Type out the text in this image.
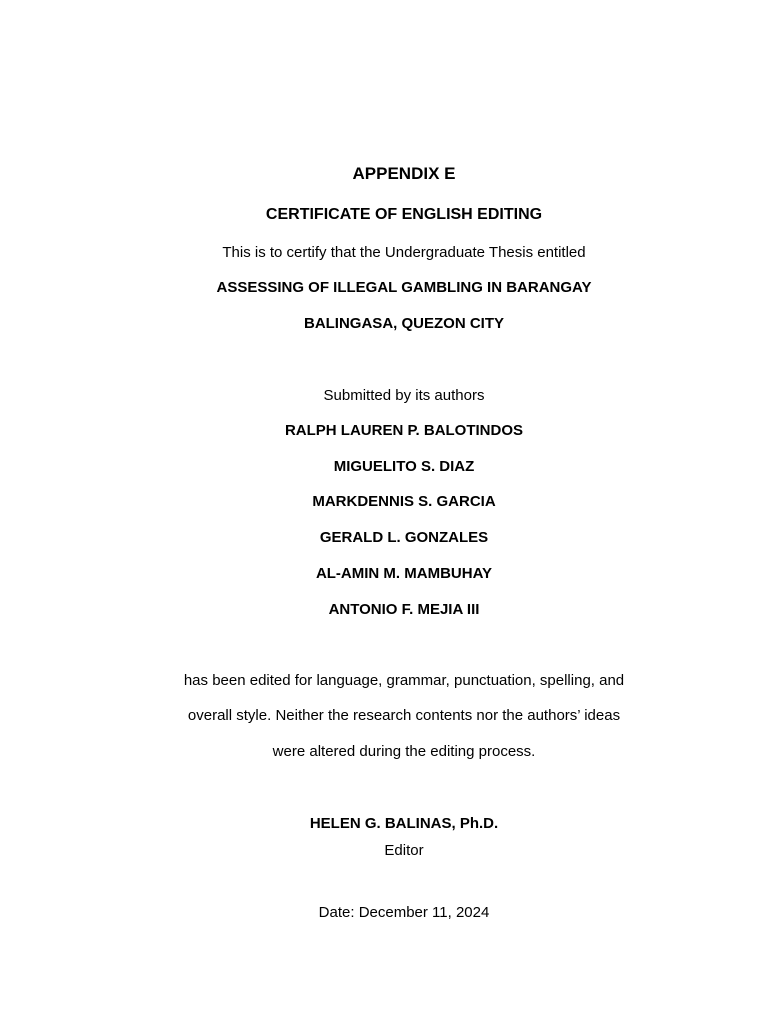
APPENDIX E
CERTIFICATE OF ENGLISH EDITING
This is to certify that the Undergraduate Thesis entitled
ASSESSING OF ILLEGAL GAMBLING IN BARANGAY
BALINGASA, QUEZON CITY
Submitted by its authors
RALPH LAUREN P. BALOTINDOS
MIGUELITO S. DIAZ
MARKDENNIS S. GARCIA
GERALD L. GONZALES
AL-AMIN M. MAMBUHAY
ANTONIO F. MEJIA III
has been edited for language, grammar, punctuation, spelling, and
overall style. Neither the research contents nor the authors’ ideas
were altered during the editing process.
HELEN G. BALINAS, Ph.D.
Editor
Date: December 11, 2024
